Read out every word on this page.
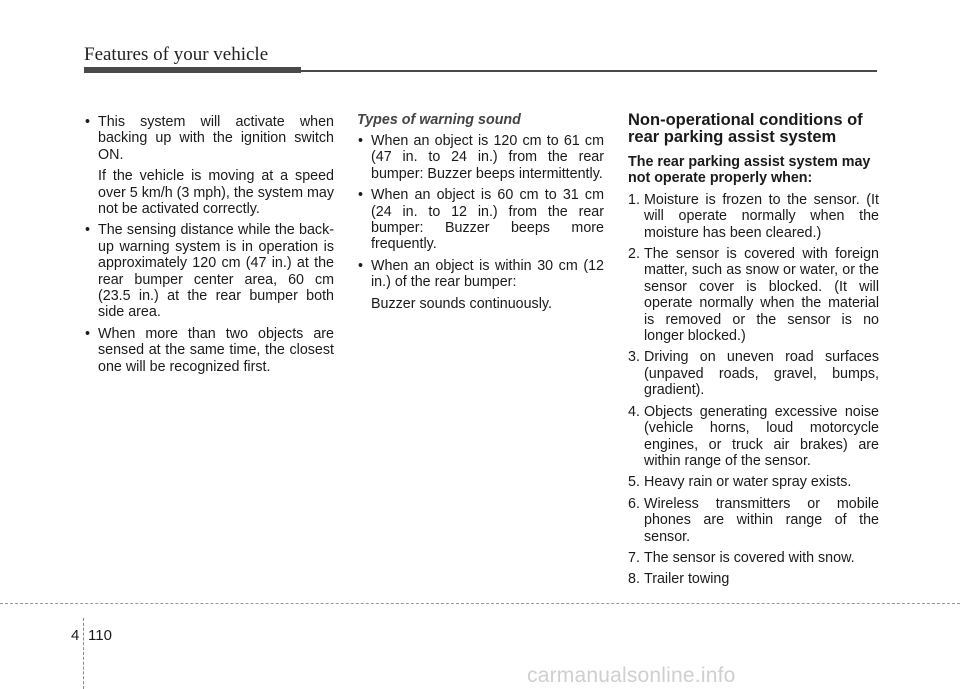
Features of your vehicle
• This system will activate when backing up with the ignition switch ON.
If the vehicle is moving at a speed over 5 km/h (3 mph), the system may not be activated correctly.
• The sensing distance while the back-up warning system is in operation is approximately 120 cm (47 in.) at the rear bumper center area, 60 cm (23.5 in.) at the rear bumper both side area.
• When more than two objects are sensed at the same time, the closest one will be recognized first.
Types of warning sound
• When an object is 120 cm to 61 cm (47 in. to 24 in.) from the rear bumper: Buzzer beeps intermittently.
• When an object is 60 cm to 31 cm (24 in. to 12 in.) from the rear bumper: Buzzer beeps more frequently.
• When an object is within 30 cm (12 in.) of the rear bumper:
Buzzer sounds continuously.
Non-operational conditions of rear parking assist system
The rear parking assist system may not operate properly when:
1. Moisture is frozen to the sensor. (It will operate normally when the moisture has been cleared.)
2. The sensor is covered with foreign matter, such as snow or water, or the sensor cover is blocked. (It will operate normally when the material is removed or the sensor is no longer blocked.)
3. Driving on uneven road surfaces (unpaved roads, gravel, bumps, gradient).
4. Objects generating excessive noise (vehicle horns, loud motorcycle engines, or truck air brakes) are within range of the sensor.
5. Heavy rain or water spray exists.
6. Wireless transmitters or mobile phones are within range of the sensor.
7. The sensor is covered with snow.
8. Trailer towing
4 110
carmanualsonline.info
